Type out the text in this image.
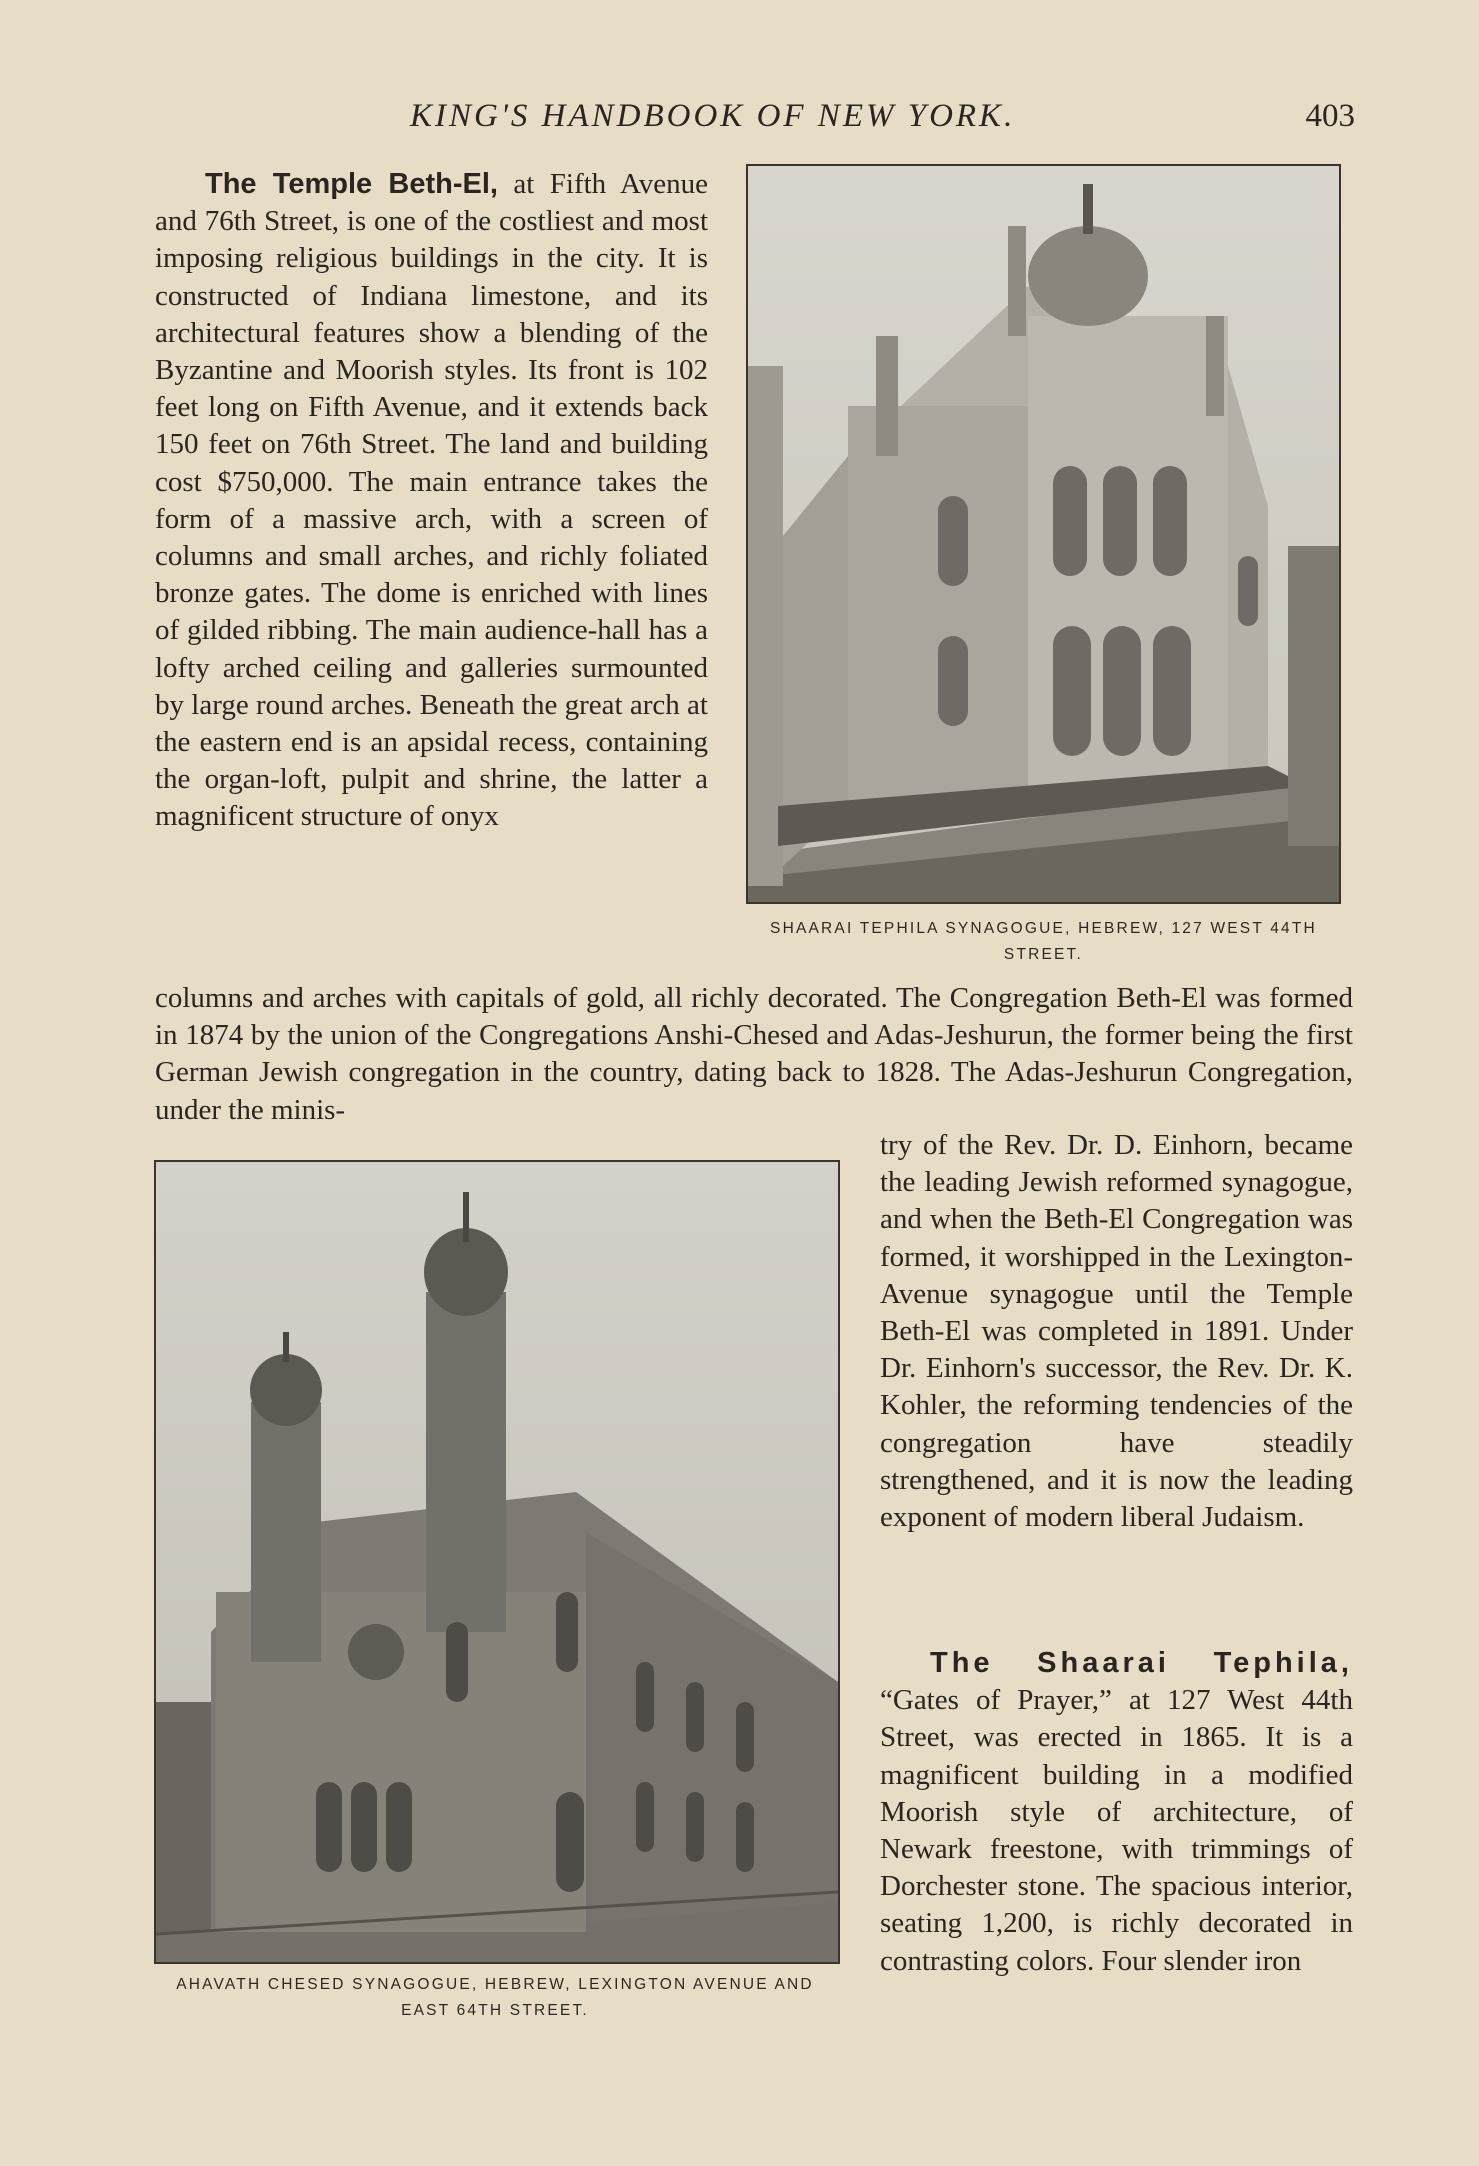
KING'S HANDBOOK OF NEW YORK.	403

The Temple Beth-El, at Fifth Avenue and 76th Street, is one of the costliest and most imposing religious buildings in the city. It is constructed of Indiana limestone, and its architectural features show a blending of the Byzantine and Moorish styles. Its front is 102 feet long on Fifth Avenue, and it extends back 150 feet on 76th Street. The land and building cost $750,000. The main entrance takes the form of a massive arch, with a screen of columns and small arches, and richly foliated bronze gates. The dome is enriched with lines of gilded ribbing. The main audience-hall has a lofty arched ceiling and galleries surmounted by large round arches. Beneath the great arch at the eastern end is an apsidal recess, containing the organ-loft, pulpit and shrine, the latter a magnificent structure of onyx

columns and arches with capitals of gold, all richly decorated. The Congregation Beth-El was formed in 1874 by the union of the Congregations Anshi-Chesed and Adas-Jeshurun, the former being the first German Jewish congregation in the country, dating back to 1828. The Adas-Jeshurun Congregation, under the minis-

try of the Rev. Dr. D. Einhorn, became the leading Jewish reformed synagogue, and when the Beth-El Congregation was formed, it worshipped in the Lexington-Avenue synagogue until the Temple Beth-El was completed in 1891. Under Dr. Einhorn's successor, the Rev. Dr. K. Kohler, the reforming tendencies of the congregation have steadily strengthened, and it is now the leading exponent of modern liberal Judaism.

The Shaarai Tephila, “Gates of Prayer,” at 127 West 44th Street, was erected in 1865. It is a magnificent building in a modified Moorish style of architecture, of Newark freestone, with trimmings of Dorchester stone. The spacious interior, seating 1,200, is richly decorated in contrasting colors. Four slender iron

SHAARAI TEPHILA SYNAGOGUE, HEBREW, 127 WEST 44TH STREET.

AHAVATH CHESED SYNAGOGUE, HEBREW, LEXINGTON AVENUE AND EAST 64TH STREET.
